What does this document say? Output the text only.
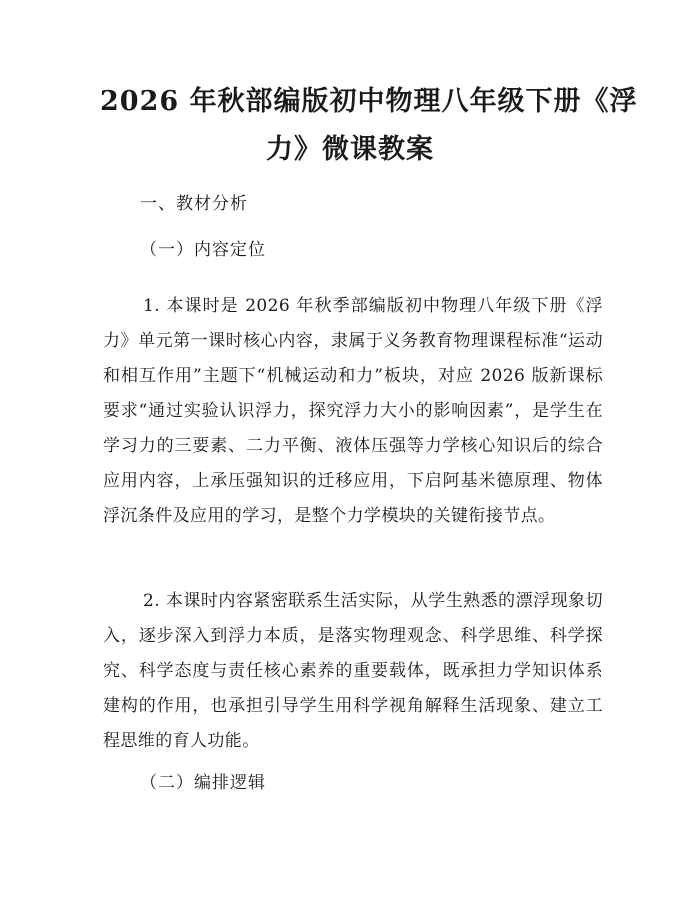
2026 年秋部编版初中物理八年级下册《浮
力》微课教案

一、教材分析

（一）内容定位

1. 本课时是 2026 年秋季部编版初中物理八年级下册《浮力》单元第一课时核心内容，隶属于义务教育物理课程标准“运动和相互作用”主题下“机械运动和力”板块，对应 2026 版新课标要求“通过实验认识浮力，探究浮力大小的影响因素”，是学生在学习力的三要素、二力平衡、液体压强等力学核心知识后的综合应用内容，上承压强知识的迁移应用，下启阿基米德原理、物体浮沉条件及应用的学习，是整个力学模块的关键衔接节点。

2. 本课时内容紧密联系生活实际，从学生熟悉的漂浮现象切入，逐步深入到浮力本质，是落实物理观念、科学思维、科学探究、科学态度与责任核心素养的重要载体，既承担力学知识体系建构的作用，也承担引导学生用科学视角解释生活现象、建立工程思维的育人功能。

（二）编排逻辑
